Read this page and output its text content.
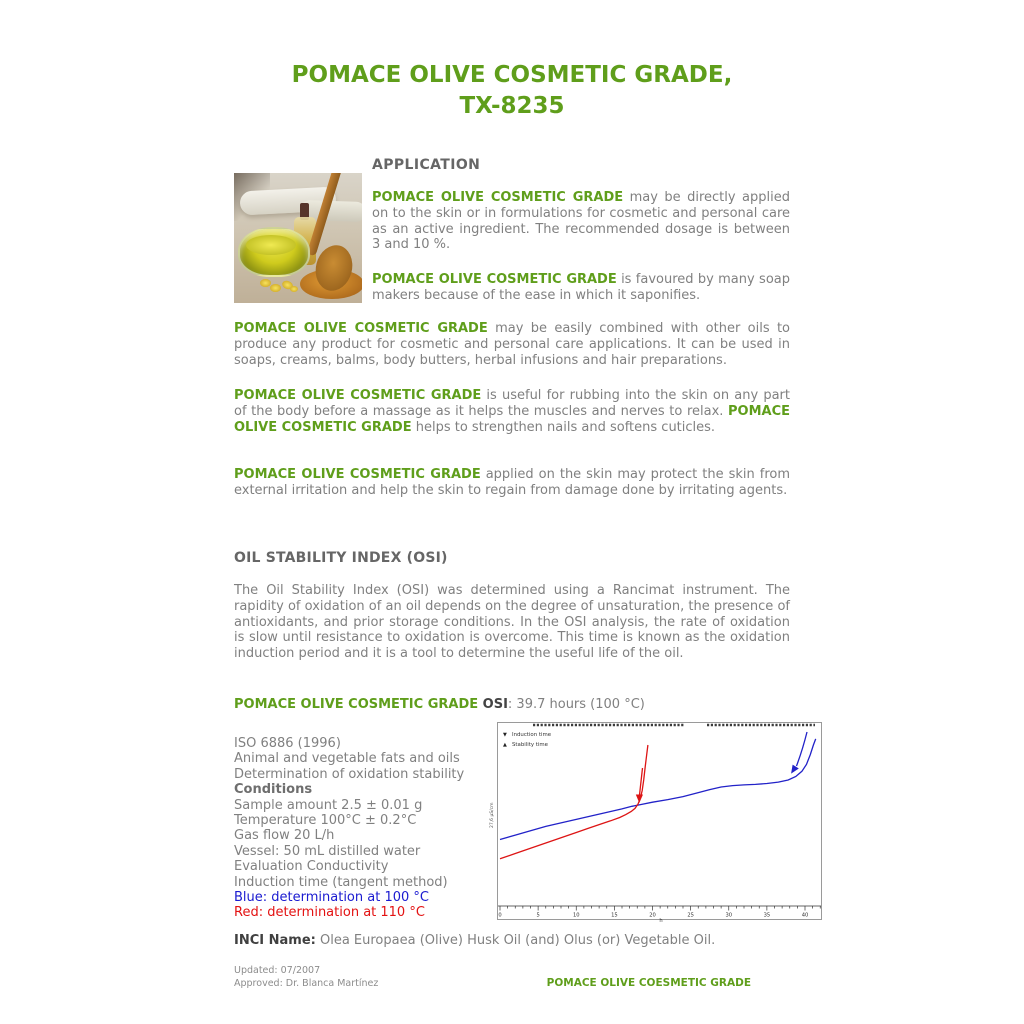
POMACE OLIVE COSMETIC GRADE,
TX-8235
APPLICATION

POMACE OLIVE COSMETIC GRADE may be directly applied on to the skin or in formulations for cosmetic and personal care as an active ingredient. The recommended dosage is between 3 and 10 %.

POMACE OLIVE COSMETIC GRADE is favoured by many soap makers because of the ease in which it saponifies.

POMACE OLIVE COSMETIC GRADE may be easily combined with other oils to produce any product for cosmetic and personal care applications. It can be used in soaps, creams, balms, body butters, herbal infusions and hair preparations.

POMACE OLIVE COSMETIC GRADE is useful for rubbing into the skin on any part of the body before a massage as it helps the muscles and nerves to relax. POMACE OLIVE COSMETIC GRADE helps to strengthen nails and softens cuticles.

POMACE OLIVE COSMETIC GRADE applied on the skin may protect the skin from external irritation and help the skin to regain from damage done by irritating agents.

OIL STABILITY INDEX (OSI)

The Oil Stability Index (OSI) was determined using a Rancimat instrument. The rapidity of oxidation of an oil depends on the degree of unsaturation, the presence of antioxidants, and prior storage conditions. In the OSI analysis, the rate of oxidation is slow until resistance to oxidation is overcome. This time is known as the oxidation induction period and it is a tool to determine the useful life of the oil.

POMACE OLIVE COSMETIC GRADE OSI: 39.7 hours (100 °C)

ISO 6886 (1996)
Animal and vegetable fats and oils
Determination of oxidation stability
Conditions
Sample amount 2.5 ± 0.01 g
Temperature 100°C ± 0.2°C
Gas flow 20 L/h
Vessel: 50 mL distilled water
Evaluation Conductivity
Induction time (tangent method)
Blue: determination at 100 °C
Red: determination at 110 °C
▼ Induction time
▲ Stability time
27,6 µS/cm
0	5	10	15	20	25	30	35	40
h

INCI Name: Olea Europaea (Olive) Husk Oil (and) Olus (or) Vegetable Oil.

Updated: 07/2007
Approved: Dr. Blanca Martínez	POMACE OLIVE COESMETIC GRADE
